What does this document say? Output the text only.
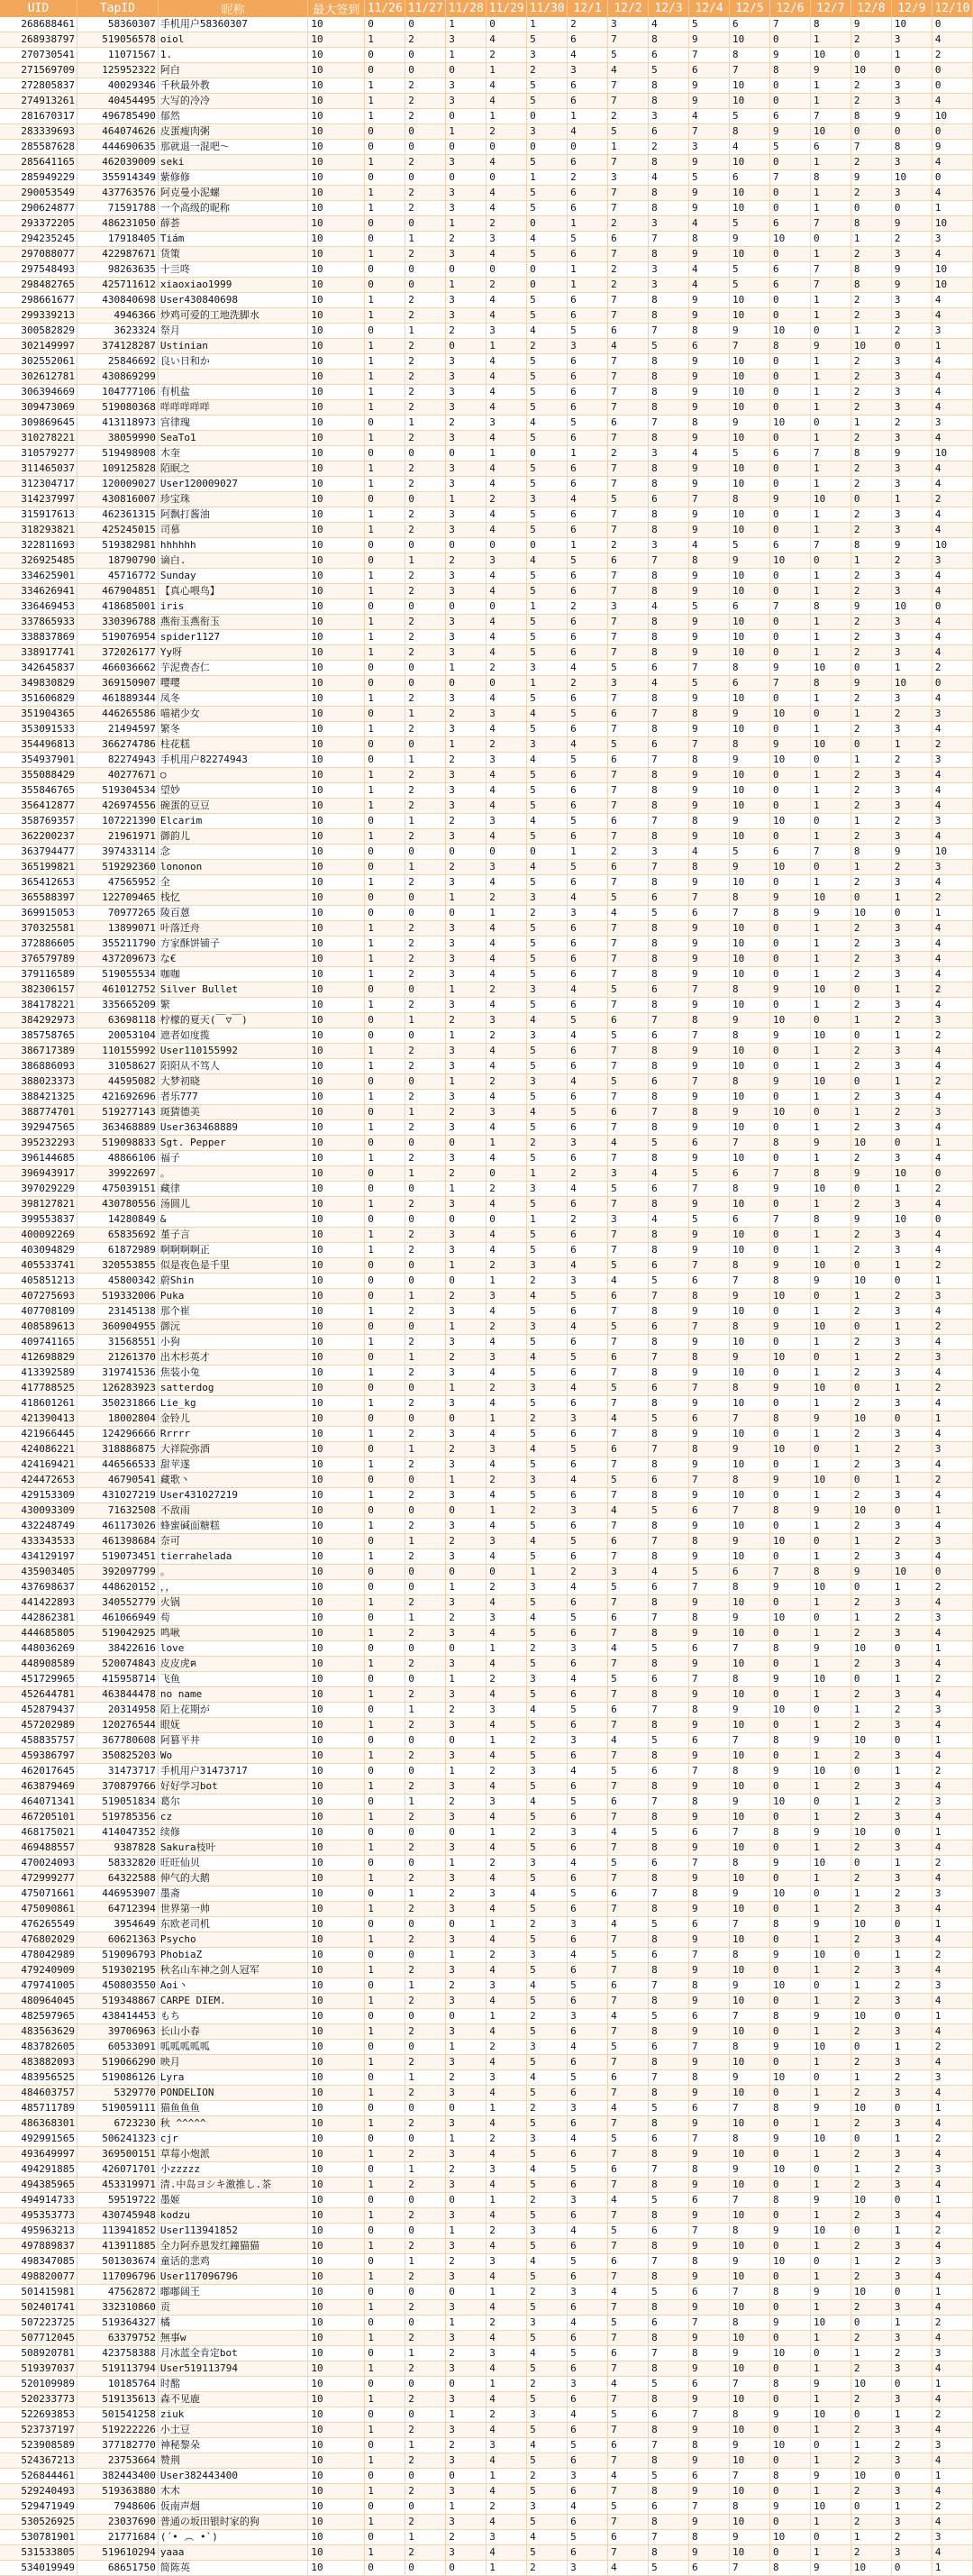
UID	TapID	昵称	最大签到	11/26	11/27	11/28	11/29	11/30	12/1	12/2	12/3	12/4	12/5	12/6	12/7	12/8	12/9	12/10
268688461	58360307	手机用户58360307	10	0	0	1	0	1	2	3	4	5	6	7	8	9	10	0
268938797	519056578	oiol	10	1	2	3	4	5	6	7	8	9	10	0	1	2	3	4
270730541	11071567	1.	10	0	0	1	2	3	4	5	6	7	8	9	10	0	1	2
271569709	125952322	阿白	10	0	0	0	1	2	3	4	5	6	7	8	9	10	0	0
272805837	40029346	千秋最外教	10	1	2	3	4	5	6	7	8	9	10	0	1	2	3	0
274913261	40454495	大写的冷冷	10	1	2	3	4	5	6	7	8	9	10	0	1	2	3	4
281670317	496785490	郁然	10	1	2	0	1	0	1	2	3	4	5	6	7	8	9	10
283339693	464074626	皮蛋瘦肉粥	10	0	0	1	2	3	4	5	6	7	8	9	10	0	0	0
285587628	444690635	那就退一混吧～	10	0	0	0	0	0	0	1	2	3	4	5	6	7	8	9
285641165	462039009	seki	10	1	2	3	4	5	6	7	8	9	10	0	1	2	3	4
285949229	355914349	紫修修	10	0	0	0	0	1	2	3	4	5	6	7	8	9	10	0
290053549	437763576	阿克曼小泥螺	10	1	2	3	4	5	6	7	8	9	10	0	1	2	3	4
290624877	71591788	一个高级的昵称	10	1	2	3	4	5	6	7	8	9	10	0	1	0	0	1
293372205	486231050	薛荟	10	0	0	1	2	0	1	2	3	4	5	6	7	8	9	10
294235245	17918405	Tiám	10	0	1	2	3	4	5	6	7	8	9	10	0	1	2	3
297088077	422987671	货策	10	1	2	3	4	5	6	7	8	9	10	0	1	2	3	4
297548493	98263635	十亖咚	10	0	0	0	0	0	1	2	3	4	5	6	7	8	9	10
298482765	425711612	xiaoxiao1999	10	0	0	1	2	0	1	2	3	4	5	6	7	8	9	10
298661677	430840698	User430840698	10	1	2	3	4	5	6	7	8	9	10	0	1	2	3	4
299339213	4946366	炒鸡可爱的工地洗脚水	10	1	2	3	4	5	6	7	8	9	10	0	1	2	3	4
300582829	3623324	祭月	10	0	1	2	3	4	5	6	7	8	9	10	0	1	2	3
302149997	374128287	Ustinian	10	1	2	0	1	2	3	4	5	6	7	8	9	10	0	1
302552061	25846692	良い日和か	10	1	2	3	4	5	6	7	8	9	10	0	1	2	3	4
302612781	430869299		10	1	2	3	4	5	6	7	8	9	10	0	1	2	3	4
306394669	104777106	有机盐	10	1	2	3	4	5	6	7	8	9	10	0	1	2	3	4
309473069	519080368	咩咩咩咩咩	10	1	2	3	4	5	6	7	8	9	10	0	1	2	3	4
309869645	413118973	宫律瑰	10	0	1	2	3	4	5	6	7	8	9	10	0	1	2	3
310278221	38059990	SeaTo1	10	1	2	3	4	5	6	7	8	9	10	0	1	2	3	4
310579277	519498908	木奎	10	0	0	0	1	0	1	2	3	4	5	6	7	8	9	10
311465037	109125828	陌眠之	10	1	2	3	4	5	6	7	8	9	10	0	1	2	3	4
312304717	120009027	User120009027	10	1	2	3	4	5	6	7	8	9	10	0	1	2	3	4
314237997	430816007	珍宝珠	10	0	0	1	2	3	4	5	6	7	8	9	10	0	1	2
315917613	462361315	阿飘打酱油	10	1	2	3	4	5	6	7	8	9	10	0	1	2	3	4
318293821	425245015	司慕	10	1	2	3	4	5	6	7	8	9	10	0	1	2	3	4
322811693	519382981	hhhhhh	10	0	0	0	0	0	1	2	3	4	5	6	7	8	9	10
326925485	18790790	谪白.	10	0	1	2	3	4	5	6	7	8	9	10	0	1	2	3
334625901	45716772	Sunday	10	1	2	3	4	5	6	7	8	9	10	0	1	2	3	4
334626941	467904851	【真心喂鸟】	10	1	2	3	4	5	6	7	8	9	10	0	1	2	3	4
336469453	418685001	iris	10	0	0	0	0	1	2	3	4	5	6	7	8	9	10	0
337865933	330396788	燕衔玉燕衔玉	10	1	2	3	4	5	6	7	8	9	10	0	1	2	3	4
338837869	519076954	spider1127	10	1	2	3	4	5	6	7	8	9	10	0	1	2	3	4
338917741	372026177	Yy呀	10	1	2	3	4	5	6	7	8	9	10	0	1	2	3	4
342645837	466036662	芋泥费杏仁	10	0	0	1	2	3	4	5	6	7	8	9	10	0	1	2
349830829	369150907	嘤嘤	10	0	0	0	0	1	2	3	4	5	6	7	8	9	10	0
351606829	461889344	凤冬	10	1	2	3	4	5	6	7	8	9	10	0	1	2	3	4
351904365	446265586	喵裙少女	10	0	1	2	3	4	5	6	7	8	9	10	0	1	2	3
353091533	21494597	繁冬	10	1	2	3	4	5	6	7	8	9	10	0	1	2	3	4
354496813	366274786	柱花糕	10	0	0	1	2	3	4	5	6	7	8	9	10	0	1	2
354937901	82274943	手机用户82274943	10	0	1	2	3	4	5	6	7	8	9	10	0	1	2	3
355088429	40277671	○	10	1	2	3	4	5	6	7	8	9	10	0	1	2	3	4
355846765	519304534	望妙	10	1	2	3	4	5	6	7	8	9	10	0	1	2	3	4
356412877	426974556	碗蛋的豆豆	10	1	2	3	4	5	6	7	8	9	10	0	1	2	3	4
358769357	107221390	Elcarim	10	0	1	2	3	4	5	6	7	8	9	10	0	1	2	3
362200237	21961971	御韵儿	10	1	2	3	4	5	6	7	8	9	10	0	1	2	3	4
363794477	397433114	念	10	0	0	0	0	0	1	2	3	4	5	6	7	8	9	10
365199821	519292360	lononon	10	0	1	2	3	4	5	6	7	8	9	10	0	1	2	3
365412653	47565952	全	10	1	2	3	4	5	6	7	8	9	10	0	1	2	3	4
365588397	122709465	栈忆	10	0	0	1	2	3	4	5	6	7	8	9	10	0	1	2
369915053	70977265	陵百蒽	10	0	0	0	1	2	3	4	5	6	7	8	9	10	0	1
370325581	13899071	叶落迁舟	10	1	2	3	4	5	6	7	8	9	10	0	1	2	3	4
372886605	355211790	方家酥饼铺子	10	1	2	3	4	5	6	7	8	9	10	0	1	2	3	4
376579789	437209673	な€	10	1	2	3	4	5	6	7	8	9	10	0	1	2	3	4
379116589	519055534	咖咖	10	1	2	3	4	5	6	7	8	9	10	0	1	2	3	4
382306157	461012752	Silver Bullet	10	0	0	1	2	3	4	5	6	7	8	9	10	0	1	2
384178221	335665209	繁	10	1	2	3	4	5	6	7	8	9	10	0	1	2	3	4
384292973	63698118	柠檬的夏天(￣▽￣)	10	0	1	2	3	4	5	6	7	8	9	10	0	1	2	3
385758765	20053104	遮者如度揽	10	0	0	1	2	3	4	5	6	7	8	9	10	0	1	2
386717389	110155992	User110155992	10	1	2	3	4	5	6	7	8	9	10	0	1	2	3	4
386886093	31058627	阳阳从不笃人	10	1	2	3	4	5	6	7	8	9	10	0	1	2	3	4
388023373	44595082	大梦初晓	10	0	0	1	2	3	4	5	6	7	8	9	10	0	1	2
388421325	421692696	者乐777	10	1	2	3	4	5	6	7	8	9	10	0	1	2	3	4
388774701	519277143	斑猜德美	10	0	1	2	3	4	5	6	7	8	9	10	0	1	2	3
392947565	363468889	User363468889	10	1	2	3	4	5	6	7	8	9	10	0	1	2	3	4
395232293	519098833	Sgt. Pepper	10	0	0	0	1	2	3	4	5	6	7	8	9	10	0	1
396144685	48866106	福子	10	1	2	3	4	5	6	7	8	9	10	0	1	2	3	4
396943917	39922697	。	10	0	1	2	0	1	2	3	4	5	6	7	8	9	10	0
397029229	475039151	藏律	10	0	0	1	2	3	4	5	6	7	8	9	10	0	1	2
398127821	430780556	汤圆儿	10	1	2	3	4	5	6	7	8	9	10	0	1	2	3	4
399553837	14280849	&	10	0	0	0	0	1	2	3	4	5	6	7	8	9	10	0
400092269	65835692	堇子言	10	1	2	3	4	5	6	7	8	9	10	0	1	2	3	4
403094829	61872989	啊啊啊啊正	10	1	2	3	4	5	6	7	8	9	10	0	1	2	3	4
405533741	320553855	似是夜色是千里	10	0	0	1	2	3	4	5	6	7	8	9	10	0	1	2
405851213	45800342	蔚Shin	10	0	0	0	1	2	3	4	5	6	7	8	9	10	0	1
407275693	519332006	Puka	10	0	1	2	3	4	5	6	7	8	9	10	0	1	2	3
407708109	23145138	那个崔	10	1	2	3	4	5	6	7	8	9	10	0	1	2	3	4
408589613	360904955	御沅	10	0	0	1	2	3	4	5	6	7	8	9	10	0	1	2
409741165	31568551	小狗	10	1	2	3	4	5	6	7	8	9	10	0	1	2	3	4
412698829	21261370	出木杉英才	10	0	1	2	3	4	5	6	7	8	9	10	0	1	2	3
413392589	319741536	焦装小兔	10	1	2	3	4	5	6	7	8	9	10	0	1	2	3	4
417788525	126283923	satterdog	10	0	0	1	2	3	4	5	6	7	8	9	10	0	1	2
418601261	350231866	Lie_kg	10	1	2	3	4	5	6	7	8	9	10	0	1	2	3	4
421390413	18002804	金铃儿	10	0	0	0	1	2	3	4	5	6	7	8	9	10	0	1
421966445	124296666	Rrrrr	10	1	2	3	4	5	6	7	8	9	10	0	1	2	3	4
424086221	318886875	大祥院弥酒	10	0	1	2	3	4	5	6	7	8	9	10	0	1	2	3
424169421	446566533	甜苹遂	10	1	2	3	4	5	6	7	8	9	10	0	1	2	3	4
424472653	46790541	藏歌丶	10	0	0	1	2	3	4	5	6	7	8	9	10	0	1	2
429153309	431027219	User431027219	10	1	2	3	4	5	6	7	8	9	10	0	1	2	3	4
430093309	71632508	不敌雨	10	0	0	0	1	2	3	4	5	6	7	8	9	10	0	1
432248749	461173026	蜂蜜碱面糖糕	10	1	2	3	4	5	6	7	8	9	10	0	1	2	3	4
433343533	461398684	奈可	10	0	1	2	3	4	5	6	7	8	9	10	0	1	2	3
434129197	519073451	tierrahelada	10	1	2	3	4	5	6	7	8	9	10	0	1	2	3	4
435903405	392097799	。	10	0	0	0	0	1	2	3	4	5	6	7	8	9	10	0
437698637	448620152	，，	10	0	0	1	2	3	4	5	6	7	8	9	10	0	1	2
441422893	340552779	火锅	10	1	2	3	4	5	6	7	8	9	10	0	1	2	3	4
442862381	461066949	苟	10	0	1	2	3	4	5	6	7	8	9	10	0	1	2	3
444685805	519042925	鸣啾	10	1	2	3	4	5	6	7	8	9	10	0	1	2	3	4
448036269	38422616	love	10	0	0	0	1	2	3	4	5	6	7	8	9	10	0	1
448908589	520074843	皮皮虎ฅ	10	1	2	3	4	5	6	7	8	9	10	0	1	2	3	4
451729965	415958714	飞鱼	10	0	0	1	2	3	4	5	6	7	8	9	10	0	1	2
452644781	463844478	no name	10	1	2	3	4	5	6	7	8	9	10	0	1	2	3	4
452879437	20314958	陌上花期が	10	0	1	2	3	4	5	6	7	8	9	10	0	1	2	3
457202989	120276544	眼妩	10	1	2	3	4	5	6	7	8	9	10	0	1	2	3	4
458835757	367780608	阿篡平井	10	0	0	0	1	2	3	4	5	6	7	8	9	10	0	1
459386797	350825203	Wo	10	1	2	3	4	5	6	7	8	9	10	0	1	2	3	4
462017645	31473717	手机用户31473717	10	0	0	1	2	3	4	5	6	7	8	9	10	0	1	2
463879469	370879766	好好学习bot	10	1	2	3	4	5	6	7	8	9	10	0	1	2	3	4
464071341	519051834	葛尔	10	0	1	2	3	4	5	6	7	8	9	10	0	1	2	3
467205101	519785356	cz	10	1	2	3	4	5	6	7	8	9	10	0	1	2	3	4
468175021	414047352	续修	10	0	0	0	1	2	3	4	5	6	7	8	9	10	0	1
469488557	9387828	Sakura枝叶	10	1	2	3	4	5	6	7	8	9	10	0	1	2	3	4
470024093	58332820	旺旺仙贝	10	0	0	1	2	3	4	5	6	7	8	9	10	0	1	2
472999277	64322588	伸气的大鹅	10	1	2	3	4	5	6	7	8	9	10	0	1	2	3	4
475071661	446953907	墨斋	10	0	1	2	3	4	5	6	7	8	9	10	0	1	2	3
475090861	64712394	世界第一帅	10	1	2	3	4	5	6	7	8	9	10	0	1	2	3	4
476265549	3954649	东欧老司机	10	0	0	0	1	2	3	4	5	6	7	8	9	10	0	1
476802029	60621363	Psycho	10	1	2	3	4	5	6	7	8	9	10	0	1	2	3	4
478042989	519096793	PhobiaZ	10	0	0	1	2	3	4	5	6	7	8	9	10	0	1	2
479240909	519302195	秋名山车神之剑人冠军	10	1	2	3	4	5	6	7	8	9	10	0	1	2	3	4
479741005	450803550	Aoi丶	10	0	1	2	3	4	5	6	7	8	9	10	0	1	2	3
480964045	519348867	CARPE DIEM.	10	1	2	3	4	5	6	7	8	9	10	0	1	2	3	4
482597965	438414453	もち	10	0	0	0	1	2	3	4	5	6	7	8	9	10	0	1
483563629	39706963	长山小春	10	1	2	3	4	5	6	7	8	9	10	0	1	2	3	4
483782605	60533091	呱呱呱呱呱	10	0	0	1	2	3	4	5	6	7	8	9	10	0	1	2
483882093	519066290	映月	10	1	2	3	4	5	6	7	8	9	10	0	1	2	3	4
483956525	519086126	Lyra	10	0	1	2	3	4	5	6	7	8	9	10	0	1	2	3
484603757	5329770	PONDELION	10	1	2	3	4	5	6	7	8	9	10	0	1	2	3	4
485711789	519059111	猫鱼鱼鱼	10	0	0	0	1	2	3	4	5	6	7	8	9	10	0	1
486368301	6723230	秋 ^^^^^	10	1	2	3	4	5	6	7	8	9	10	0	1	2	3	4
492991565	506241323	cjr	10	0	0	1	2	3	4	5	6	7	8	9	10	0	1	2
493649997	369500151	草莓小炮派	10	1	2	3	4	5	6	7	8	9	10	0	1	2	3	4
494291885	426071701	小zzzzz	10	0	1	2	3	4	5	6	7	8	9	10	0	1	2	3
494385965	453319971	清.中岛ヨシキ激推し.茶	10	1	2	3	4	5	6	7	8	9	10	0	1	2	3	4
494914733	59519722	墨姬	10	0	0	0	1	2	3	4	5	6	7	8	9	10	0	1
495353773	430745948	kodzu	10	1	2	3	4	5	6	7	8	9	10	0	1	2	3	4
495963213	113941852	User113941852	10	0	0	1	2	3	4	5	6	7	8	9	10	0	1	2
497889837	413911885	全力阿乔恩发红鐘猫猫	10	1	2	3	4	5	6	7	8	9	10	0	1	2	3	4
498347085	501303674	童话的悲鸡	10	0	1	2	3	4	5	6	7	8	9	10	0	1	2	3
498820077	117096796	User117096796	10	1	2	3	4	5	6	7	8	9	10	0	1	2	3	4
501415981	47562872	嘟嘟阔王	10	0	0	0	1	2	3	4	5	6	7	8	9	10	0	1
502401741	332310860	贡	10	1	2	3	4	5	6	7	8	9	10	0	1	2	3	4
507223725	519364327	橘	10	0	0	1	2	3	4	5	6	7	8	9	10	0	1	2
507712045	63379752	無事w	10	1	2	3	4	5	6	7	8	9	10	0	1	2	3	4
508920781	423758388	月冰蓝全肯定bot	10	0	1	2	3	4	5	6	7	8	9	10	0	1	2	3
519397037	519113794	User519113794	10	1	2	3	4	5	6	7	8	9	10	0	1	2	3	4
520109989	10185764	时酩	10	0	0	0	1	2	3	4	5	6	7	8	9	10	0	1
520233773	519135613	森不见鹿	10	1	2	3	4	5	6	7	8	9	10	0	1	2	3	4
522693853	501541258	ziuk	10	0	0	1	2	3	4	5	6	7	8	9	10	0	1	2
523737197	519222226	小土豆	10	1	2	3	4	5	6	7	8	9	10	0	1	2	3	4
523908589	377182770	神秘黎朵	10	0	1	2	3	4	5	6	7	8	9	10	0	1	2	3
524367213	23753664	赞荆	10	1	2	3	4	5	6	7	8	9	10	0	1	2	3	4
526844461	382443400	User382443400	10	0	0	0	1	2	3	4	5	6	7	8	9	10	0	1
529240493	519363880	木木	10	1	2	3	4	5	6	7	8	9	10	0	1	2	3	4
529471949	7948606	仮南声烟	10	0	0	1	2	3	4	5	6	7	8	9	10	0	1	2
530526925	23037690	普通の坂田银时家的狗	10	1	2	3	4	5	6	7	8	9	10	0	1	2	3	4
530781901	21771684	(´• ︵ •`)	10	0	1	2	3	4	5	6	7	8	9	10	0	1	2	3
531533805	519610294	yaaa	10	1	2	3	4	5	6	7	8	9	10	0	1	2	3	4
534019949	68651750	简陈英	10	0	0	0	1	2	3	4	5	6	7	8	9	10	0	1
